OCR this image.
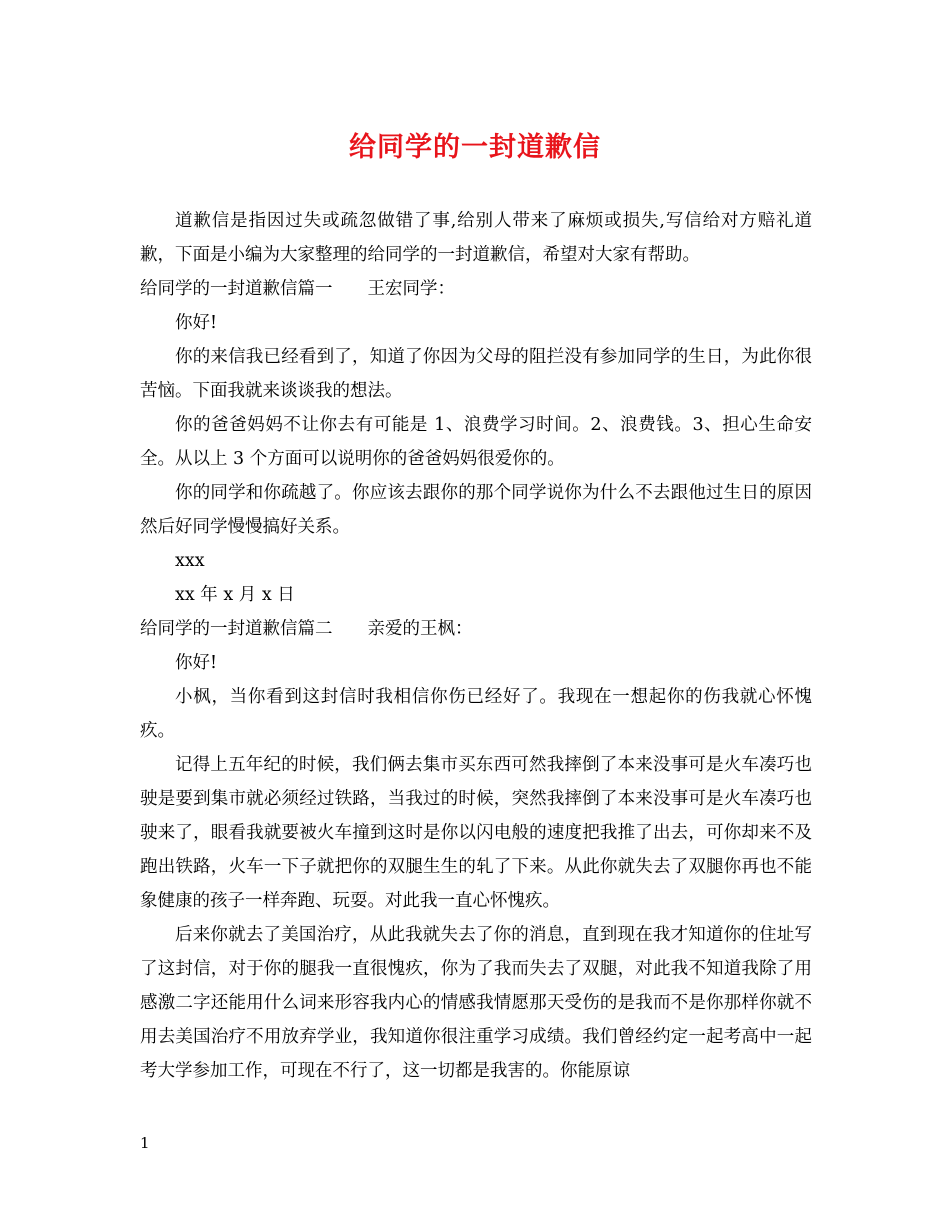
给同学的一封道歉信

道歉信是指因过失或疏忽做错了事,给别人带来了麻烦或损失,写信给对方赔礼道歉，下面是小编为大家整理的给同学的一封道歉信，希望对大家有帮助。

给同学的一封道歉信篇一　　王宏同学：

你好!

你的来信我已经看到了，知道了你因为父母的阻拦没有参加同学的生日，为此你很苦恼。下面我就来谈谈我的想法。

你的爸爸妈妈不让你去有可能是 1、浪费学习时间。2、浪费钱。3、担心生命安全。从以上 3 个方面可以说明你的爸爸妈妈很爱你的。

你的同学和你疏越了。你应该去跟你的那个同学说你为什么不去跟他过生日的原因然后好同学慢慢搞好关系。

xxx

xx 年 x 月 x 日

给同学的一封道歉信篇二　　亲爱的王枫：

你好!

小枫，当你看到这封信时我相信你伤已经好了。我现在一想起你的伤我就心怀愧疚。

记得上五年纪的时候，我们俩去集市买东西可然我摔倒了本来没事可是火车凑巧也驶是要到集市就必须经过铁路，当我过的时候，突然我摔倒了本来没事可是火车凑巧也驶来了，眼看我就要被火车撞到这时是你以闪电般的速度把我推了出去，可你却来不及跑出铁路，火车一下子就把你的双腿生生的轧了下来。从此你就失去了双腿你再也不能象健康的孩子一样奔跑、玩耍。对此我一直心怀愧疚。

后来你就去了美国治疗，从此我就失去了你的消息，直到现在我才知道你的住址写了这封信，对于你的腿我一直很愧疚，你为了我而失去了双腿，对此我不知道我除了用感激二字还能用什么词来形容我内心的情感我情愿那天受伤的是我而不是你那样你就不用去美国治疗不用放弃学业，我知道你很注重学习成绩。我们曾经约定一起考高中一起考大学参加工作，可现在不行了，这一切都是我害的。你能原谅

1
